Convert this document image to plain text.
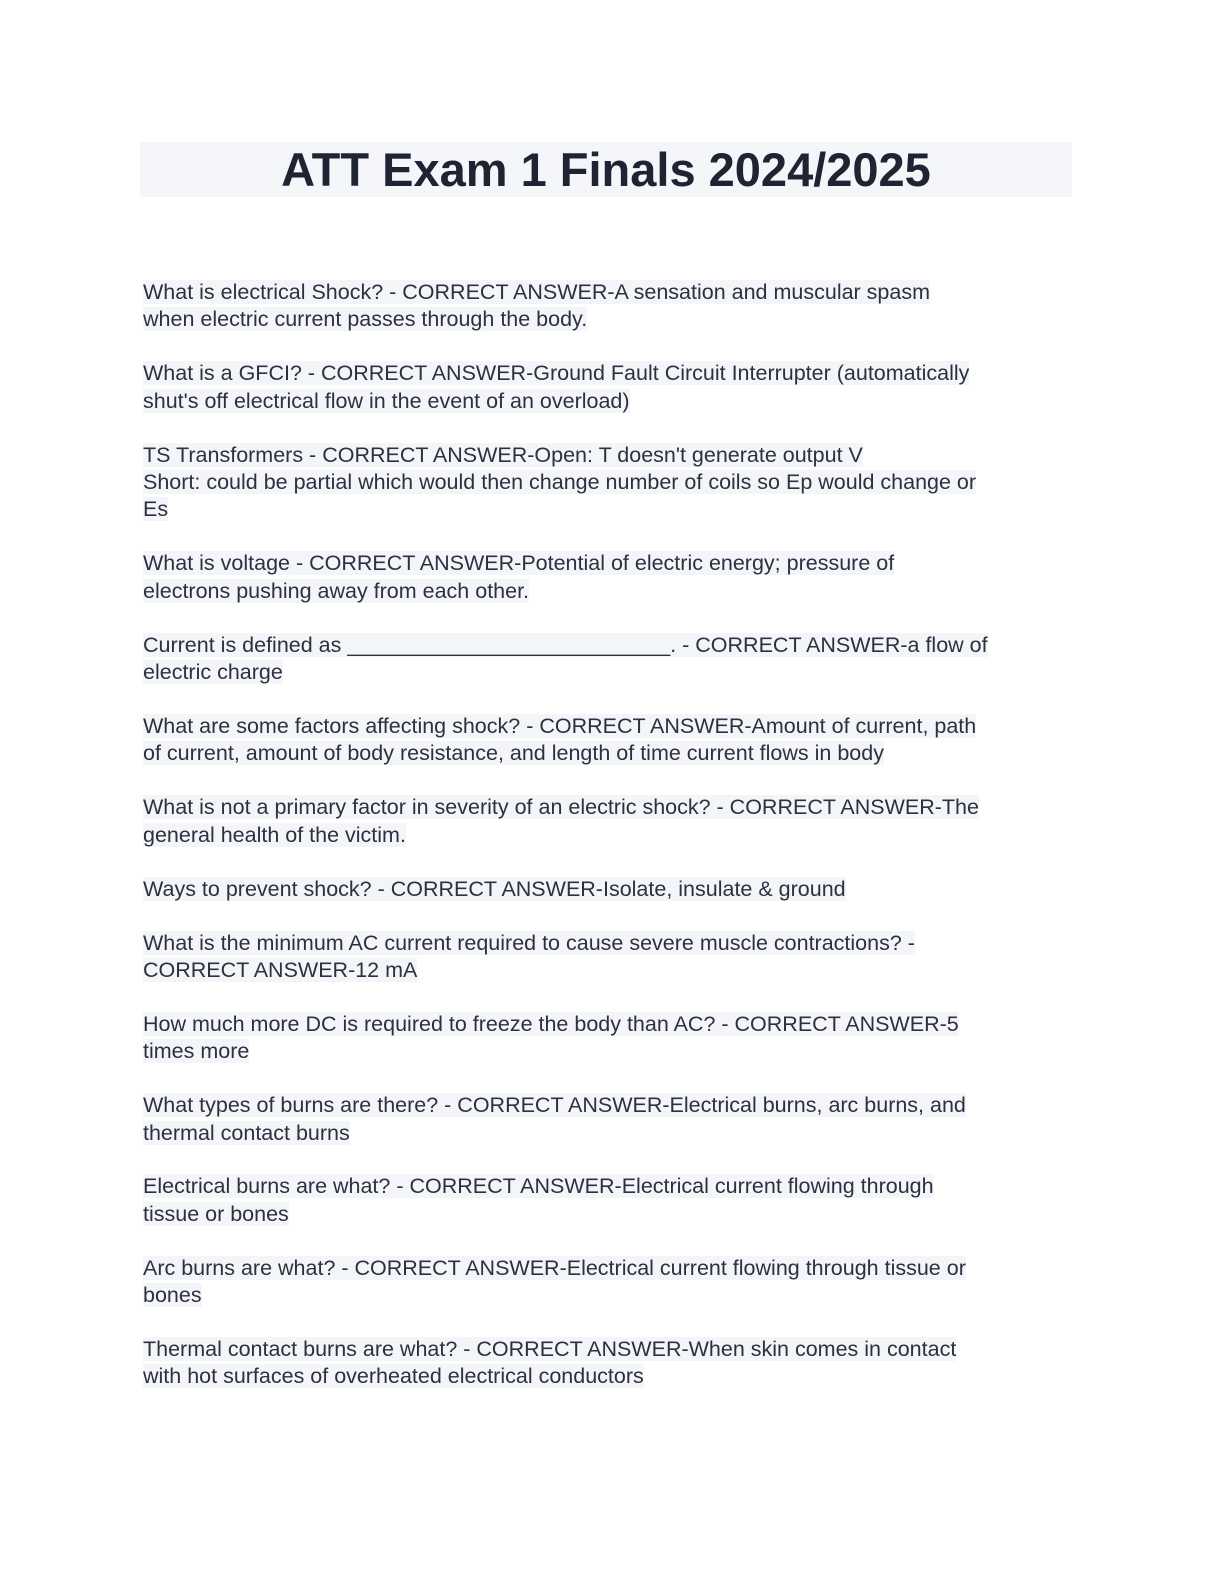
ATT Exam 1 Finals 2024/2025
What is electrical Shock? - CORRECT ANSWER-A sensation and muscular spasm
when electric current passes through the body.
What is a GFCI? - CORRECT ANSWER-Ground Fault Circuit Interrupter (automatically
shut's off electrical flow in the event of an overload)
TS Transformers - CORRECT ANSWER-Open: T doesn't generate output V
Short: could be partial which would then change number of coils so Ep would change or
Es
What is voltage - CORRECT ANSWER-Potential of electric energy; pressure of
electrons pushing away from each other.
Current is defined as ___________________________. - CORRECT ANSWER-a flow of
electric charge
What are some factors affecting shock? - CORRECT ANSWER-Amount of current, path
of current, amount of body resistance, and length of time current flows in body
What is not a primary factor in severity of an electric shock? - CORRECT ANSWER-The
general health of the victim.
Ways to prevent shock? - CORRECT ANSWER-Isolate, insulate & ground
What is the minimum AC current required to cause severe muscle contractions? -
CORRECT ANSWER-12 mA
How much more DC is required to freeze the body than AC? - CORRECT ANSWER-5
times more
What types of burns are there? - CORRECT ANSWER-Electrical burns, arc burns, and
thermal contact burns
Electrical burns are what? - CORRECT ANSWER-Electrical current flowing through
tissue or bones
Arc burns are what? - CORRECT ANSWER-Electrical current flowing through tissue or
bones
Thermal contact burns are what? - CORRECT ANSWER-When skin comes in contact
with hot surfaces of overheated electrical conductors
